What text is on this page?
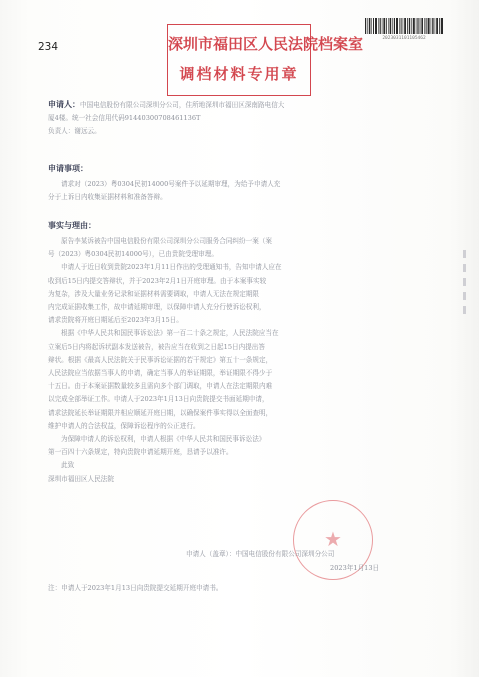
234
2023031101105462
深圳市福田区人民法院档案室
调档材料专用章
申请人：中国电信股份有限公司深圳分公司，住所地深圳市福田区深南路电信大
厦4楼。统一社会信用代码91440300708461136T
负责人：谢远云。
申请事项：
请求对（2023）粤0304民初14000号案件予以延期审理，为给予申请人充
分于上诉日内收集证据材料和准备答辩。
事实与理由：
原告李某诉被告中国电信股份有限公司深圳分公司服务合同纠纷一案（案
号（2023）粤0304民初14000号），已由贵院受理审理。
申请人于近日收到贵院2023年1月11日作出的受理通知书，告知申请人应在
收到后15日内提交答辩状，并于2023年2月1日开庭审理。由于本案事实较
为复杂，涉及大量业务记录和证据材料需要调取，申请人无法在规定期限
内完成证据收集工作，故申请延期审理，以保障申请人充分行使诉讼权利，
请求贵院将开庭日期延后至2023年3月15日。
根据《中华人民共和国民事诉讼法》第一百二十条之规定，人民法院应当在
立案后5日内将起诉状副本发送被告，被告应当在收到之日起15日内提出答
辩状。根据《最高人民法院关于民事诉讼证据的若干规定》第五十一条规定，
人民法院应当依据当事人的申请，确定当事人的举证期限，举证期限不得少于
十五日。由于本案证据数量较多且需向多个部门调取，申请人在法定期限内难
以完成全部举证工作。申请人于2023年1月13日向贵院提交书面延期申请，
请求法院延长举证期限并相应顺延开庭日期，以确保案件事实得以全面查明，
维护申请人的合法权益，保障诉讼程序的公正进行。
为保障申请人的诉讼权利，申请人根据《中华人民共和国民事诉讼法》
第一百四十六条规定，特向贵院申请延期开庭，恳请予以准许。
此致
深圳市福田区人民法院
★
申请人（盖章）：中国电信股份有限公司深圳分公司
2023年1月13日
注：申请人于2023年1月13日向贵院提交延期开庭申请书。
